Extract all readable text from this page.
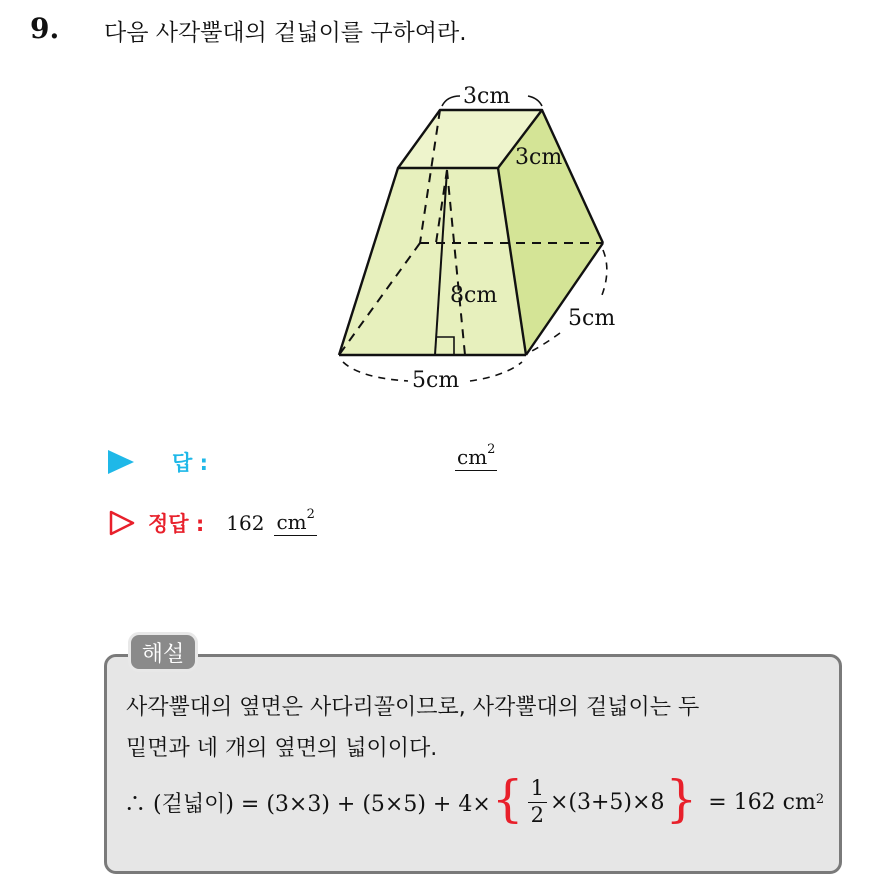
9. 다음 사각뿔대의 겉넓이를 구하여라.
3cm
3cm
8cm
5cm
5cm
답 :	$cm^2$
정답 : 162 $cm^2$
해설
사각뿔대의 옆면은 사다리꼴이므로, 사각뿔대의 겉넓이는 두
밑면과 네 개의 옆면의 넓이이다.
∴ (겉넓이) = (3×3) + (5×5) + 4× { $\frac{1}{2} \times(3+5)\times 8$ } = 162 $cm^2$
